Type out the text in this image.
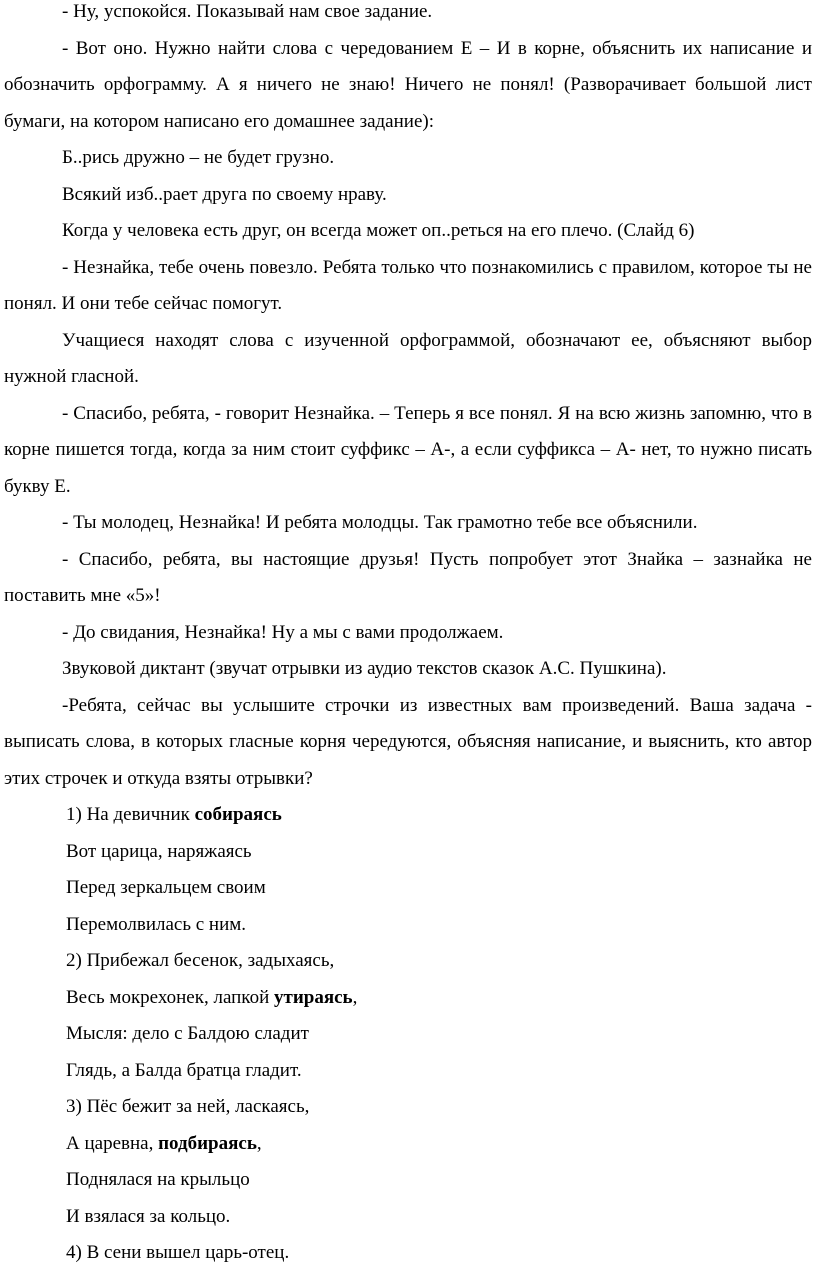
- Ну, успокойся. Показывай нам свое задание.

- Вот оно. Нужно найти слова с чередованием Е – И в корне, объяснить их написание и обозначить орфограмму. А я ничего не знаю! Ничего не понял! (Разворачивает большой лист бумаги, на котором написано его домашнее задание):

Б..рись дружно – не будет грузно.

Всякий изб..рает друга по своему нраву.

Когда у человека есть друг, он всегда может оп..реться на его плечо. (Слайд 6)

- Незнайка, тебе очень повезло. Ребята только что познакомились с правилом, которое ты не понял. И они тебе сейчас помогут.

Учащиеся находят слова с изученной орфограммой, обозначают ее, объясняют выбор нужной гласной.

- Спасибо, ребята, - говорит Незнайка. – Теперь я все понял. Я на всю жизнь запомню, что в корне пишется тогда, когда за ним стоит суффикс – А-, а если суффикса – А- нет, то нужно писать букву Е.

- Ты молодец, Незнайка! И ребята молодцы. Так грамотно тебе все объяснили.

- Спасибо, ребята, вы настоящие друзья! Пусть попробует этот Знайка – зазнайка не поставить мне «5»!

- До свидания, Незнайка! Ну а мы с вами продолжаем.

Звуковой диктант (звучат отрывки из аудио текстов сказок А.С. Пушкина).

-Ребята, сейчас вы услышите строчки из известных вам произведений. Ваша задача - выписать слова, в которых гласные корня чередуются, объясняя написание, и выяснить, кто автор этих строчек и откуда взяты отрывки?

1) На девичник собираясь

Вот царица, наряжаясь

Перед зеркальцем своим

Перемолвилась с ним.

2) Прибежал бесенок, задыхаясь,

Весь мокрехонек, лапкой утираясь,

Мысля: дело с Балдою сладит

Глядь, а Балда братца гладит.

3) Пёс бежит за ней, ласкаясь,

А царевна, подбираясь,

Поднялася на крыльцо

И взялася за кольцо.

4) В сени вышел царь-отец.
